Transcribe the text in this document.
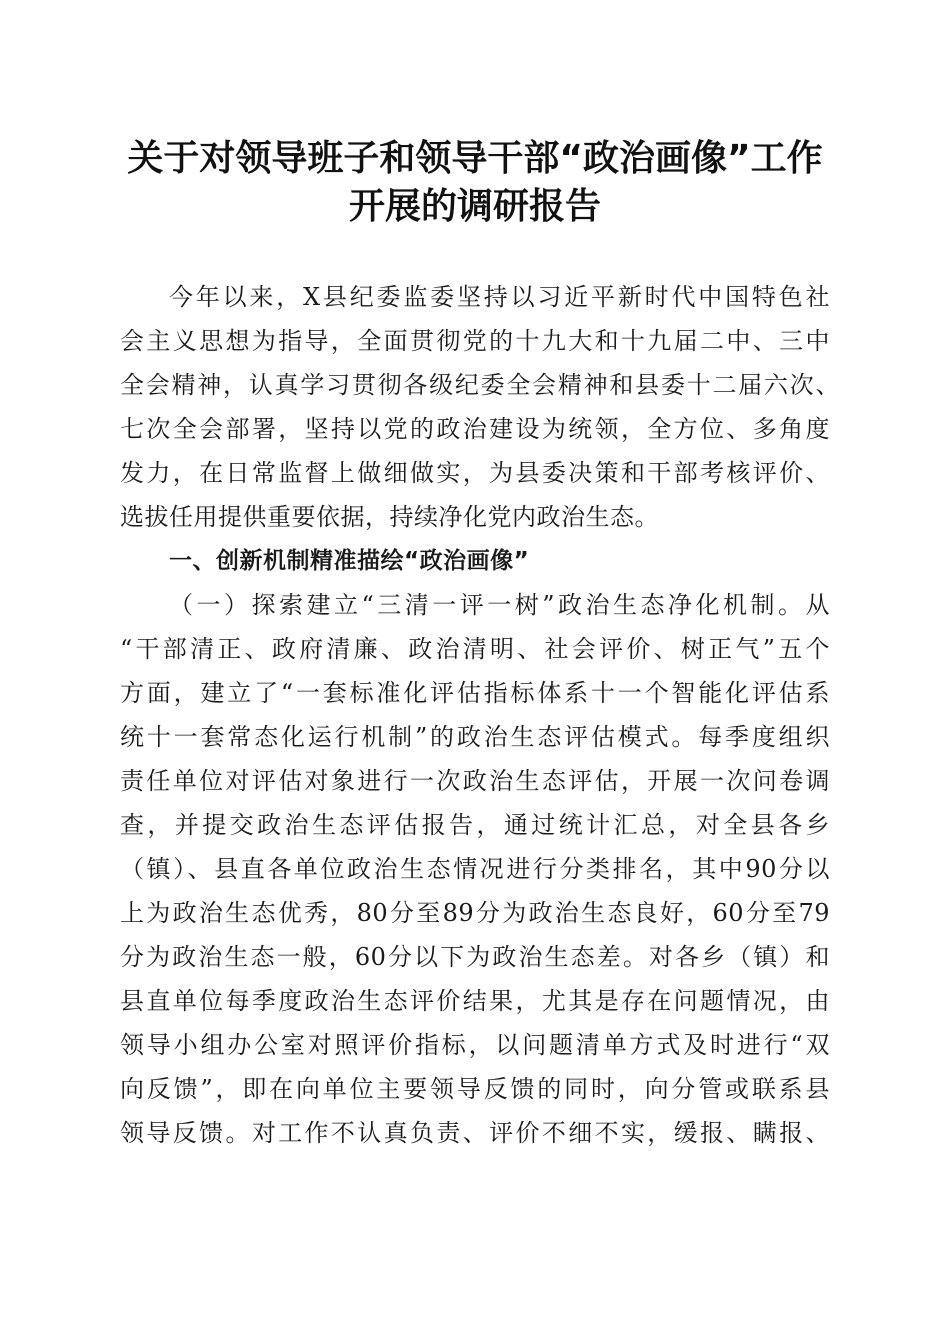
关于对领导班子和领导干部“政治画像”工作
开展的调研报告
今年以来，X县纪委监委坚持以习近平新时代中国特色社
会主义思想为指导，全面贯彻党的十九大和十九届二中、三中
全会精神，认真学习贯彻各级纪委全会精神和县委十二届六次、
七次全会部署，坚持以党的政治建设为统领，全方位、多角度
发力，在日常监督上做细做实，为县委决策和干部考核评价、
选拔任用提供重要依据，持续净化党内政治生态。
一、创新机制精准描绘“政治画像”
（一）探索建立“三清一评一树”政治生态净化机制。从
“干部清正、政府清廉、政治清明、社会评价、树正气”五个
方面，建立了“一套标准化评估指标体系十一个智能化评估系
统十一套常态化运行机制”的政治生态评估模式。每季度组织
责任单位对评估对象进行一次政治生态评估，开展一次问卷调
查，并提交政治生态评估报告，通过统计汇总，对全县各乡
（镇）、县直各单位政治生态情况进行分类排名，其中90分以
上为政治生态优秀，80分至89分为政治生态良好，60分至79
分为政治生态一般，60分以下为政治生态差。对各乡（镇）和
县直单位每季度政治生态评价结果，尤其是存在问题情况，由
领导小组办公室对照评价指标，以问题清单方式及时进行“双
向反馈”，即在向单位主要领导反馈的同时，向分管或联系县
领导反馈。对工作不认真负责、评价不细不实，缓报、瞒报、
